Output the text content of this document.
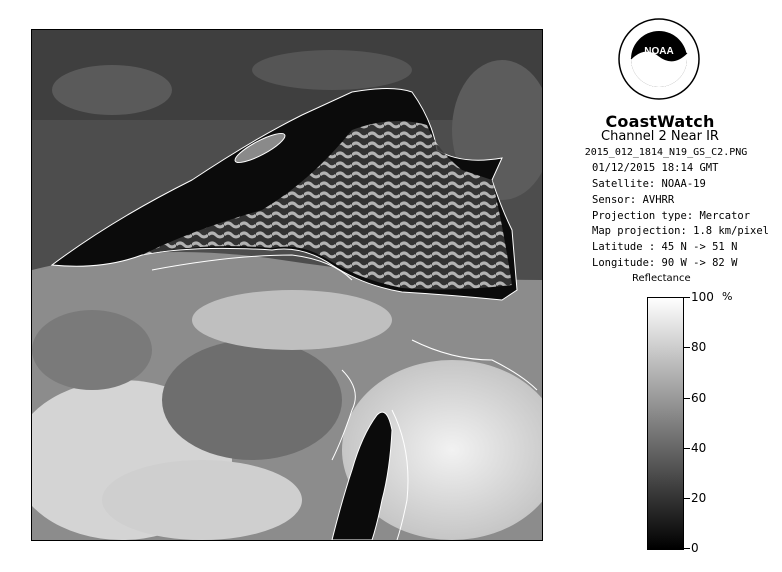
NOAA
CoastWatch
Channel 2 Near IR
2015_012_1814_N19_GS_C2.PNG
01/12/2015 18:14 GMT
Satellite: NOAA-19
Sensor: AVHRR
Projection type: Mercator
Map projection: 1.8 km/pixel
Latitude : 45 N -> 51 N
Longitude: 90 W -> 82 W
Reflectance
%
100
80
60
40
20
0
